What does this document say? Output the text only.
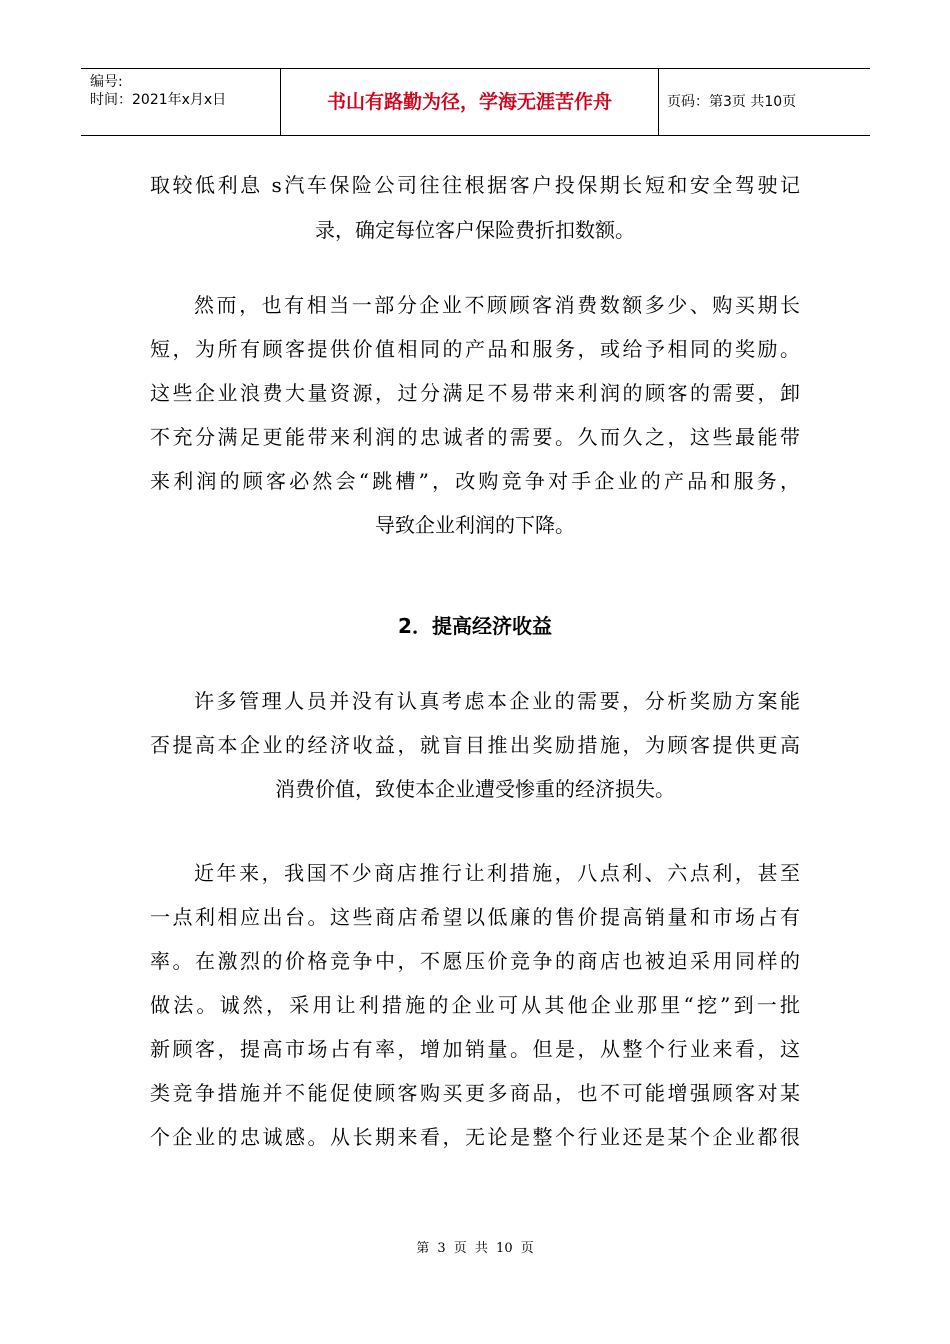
编号:
时间：2021年x月x日	书山有路勤为径，学海无涯苦作舟	页码：第3页 共10页
取较低利息 s汽车保险公司往往根据客户投保期长短和安全驾驶记
录，确定每位客户保险费折扣数额。
然而，也有相当一部分企业不顾顾客消费数额多少、购买期长
短，为所有顾客提供价值相同的产品和服务，或给予相同的奖励。
这些企业浪费大量资源，过分满足不易带来利润的顾客的需要，卸
不充分满足更能带来利润的忠诚者的需要。久而久之，这些最能带
来利润的顾客必然会“跳槽”，改购竞争对手企业的产品和服务，
导致企业利润的下降。
2．提高经济收益
许多管理人员并没有认真考虑本企业的需要，分析奖励方案能
否提高本企业的经济收益，就盲目推出奖励措施，为顾客提供更高
消费价值，致使本企业遭受惨重的经济损失。
近年来，我国不少商店推行让利措施，八点利、六点利，甚至
一点利相应出台。这些商店希望以低廉的售价提高销量和市场占有
率。在激烈的价格竞争中，不愿压价竞争的商店也被迫采用同样的
做法。诚然，采用让利措施的企业可从其他企业那里“挖”到一批
新顾客，提高市场占有率，增加销量。但是，从整个行业来看，这
类竞争措施并不能促使顾客购买更多商品，也不可能增强顾客对某
个企业的忠诚感。从长期来看，无论是整个行业还是某个企业都很
第 3 页 共 10 页
